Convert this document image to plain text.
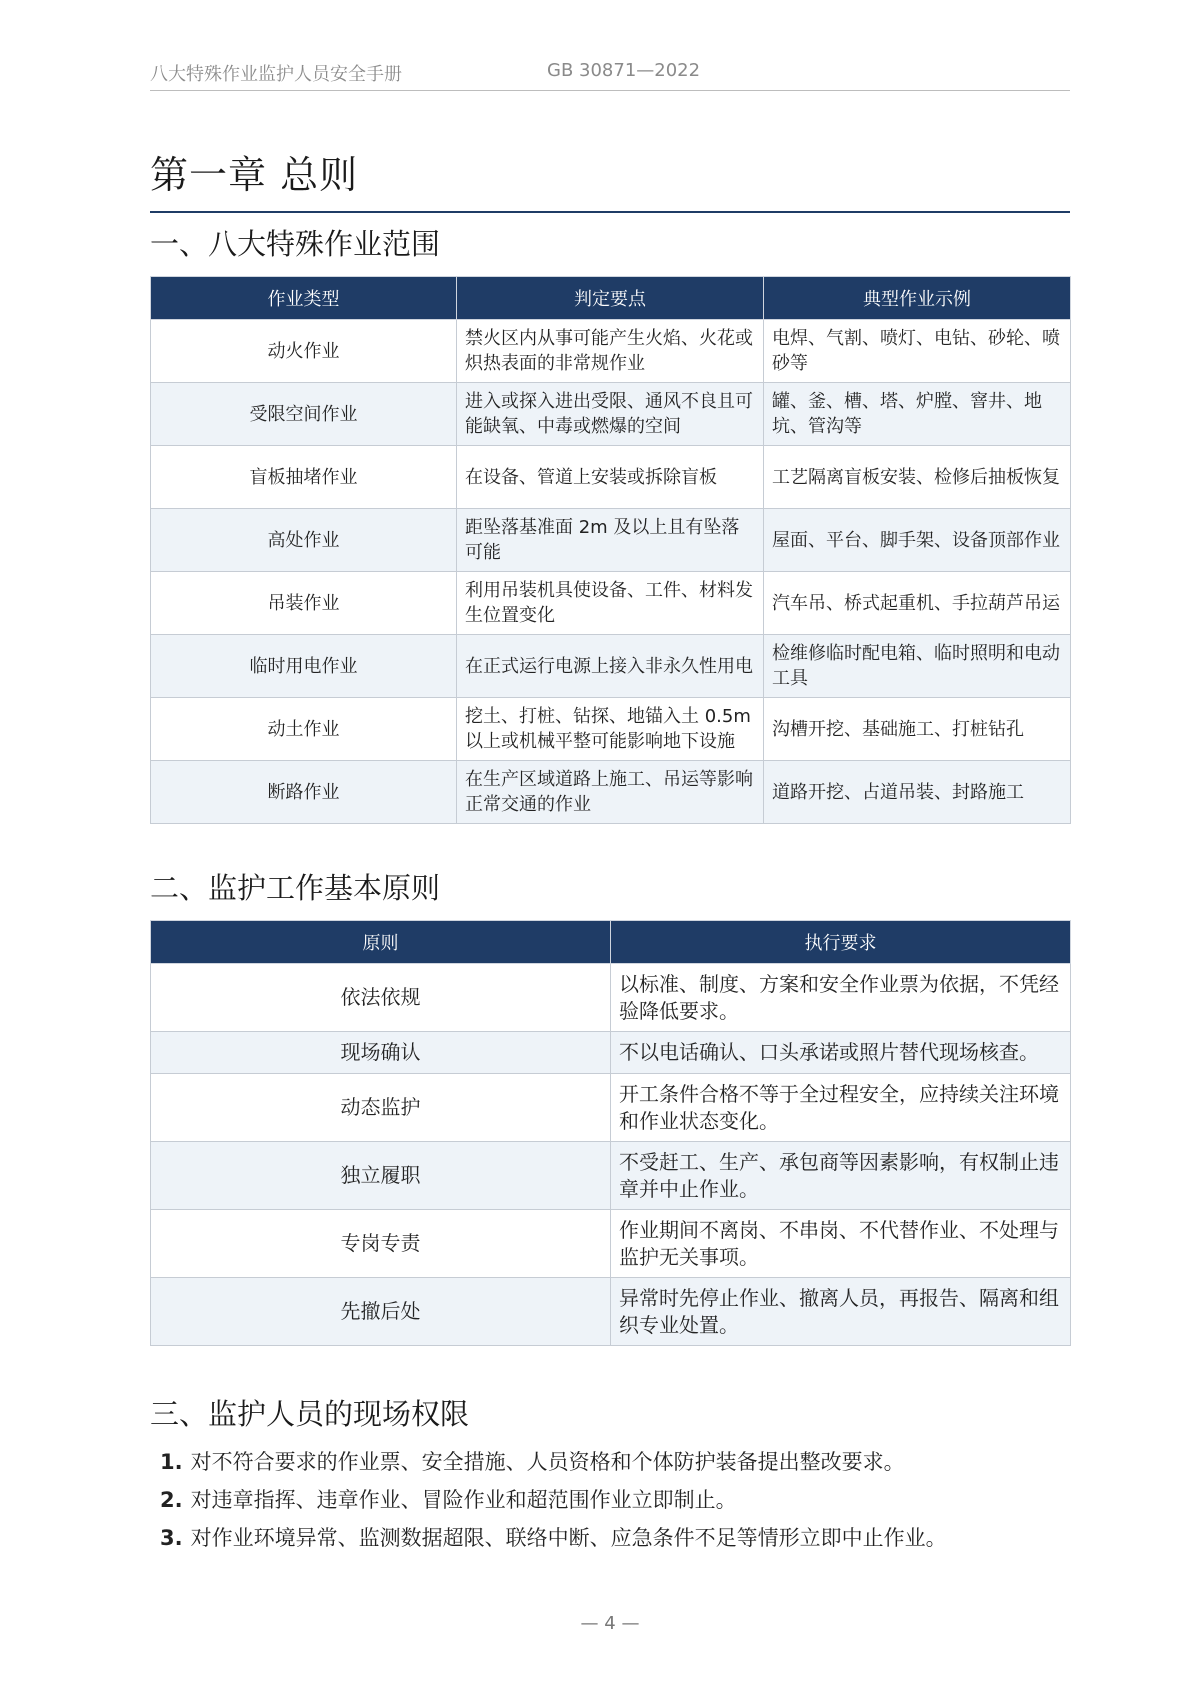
八大特殊作业监护人员安全手册	GB 30871—2022
第一章 总则
一、八大特殊作业范围
作业类型	判定要点	典型作业示例
动火作业	禁火区内从事可能产生火焰、火花或炽热表面的非常规作业	电焊、气割、喷灯、电钻、砂轮、喷砂等
受限空间作业	进入或探入进出受限、通风不良且可能缺氧、中毒或燃爆的空间	罐、釜、槽、塔、炉膛、窨井、地坑、管沟等
盲板抽堵作业	在设备、管道上安装或拆除盲板	工艺隔离盲板安装、检修后抽板恢复
高处作业	距坠落基准面 2m 及以上且有坠落可能	屋面、平台、脚手架、设备顶部作业
吊装作业	利用吊装机具使设备、工件、材料发生位置变化	汽车吊、桥式起重机、手拉葫芦吊运
临时用电作业	在正式运行电源上接入非永久性用电	检维修临时配电箱、临时照明和电动工具
动土作业	挖土、打桩、钻探、地锚入土 0.5m 以上或机械平整可能影响地下设施	沟槽开挖、基础施工、打桩钻孔
断路作业	在生产区域道路上施工、吊运等影响正常交通的作业	道路开挖、占道吊装、封路施工
二、监护工作基本原则
原则	执行要求
依法依规	以标准、制度、方案和安全作业票为依据，不凭经验降低要求。
现场确认	不以电话确认、口头承诺或照片替代现场核查。
动态监护	开工条件合格不等于全过程安全，应持续关注环境和作业状态变化。
独立履职	不受赶工、生产、承包商等因素影响，有权制止违章并中止作业。
专岗专责	作业期间不离岗、不串岗、不代替作业、不处理与监护无关事项。
先撤后处	异常时先停止作业、撤离人员，再报告、隔离和组织专业处置。
三、监护人员的现场权限
1. 对不符合要求的作业票、安全措施、人员资格和个体防护装备提出整改要求。
2. 对违章指挥、违章作业、冒险作业和超范围作业立即制止。
3. 对作业环境异常、监测数据超限、联络中断、应急条件不足等情形立即中止作业。
— 4 —
